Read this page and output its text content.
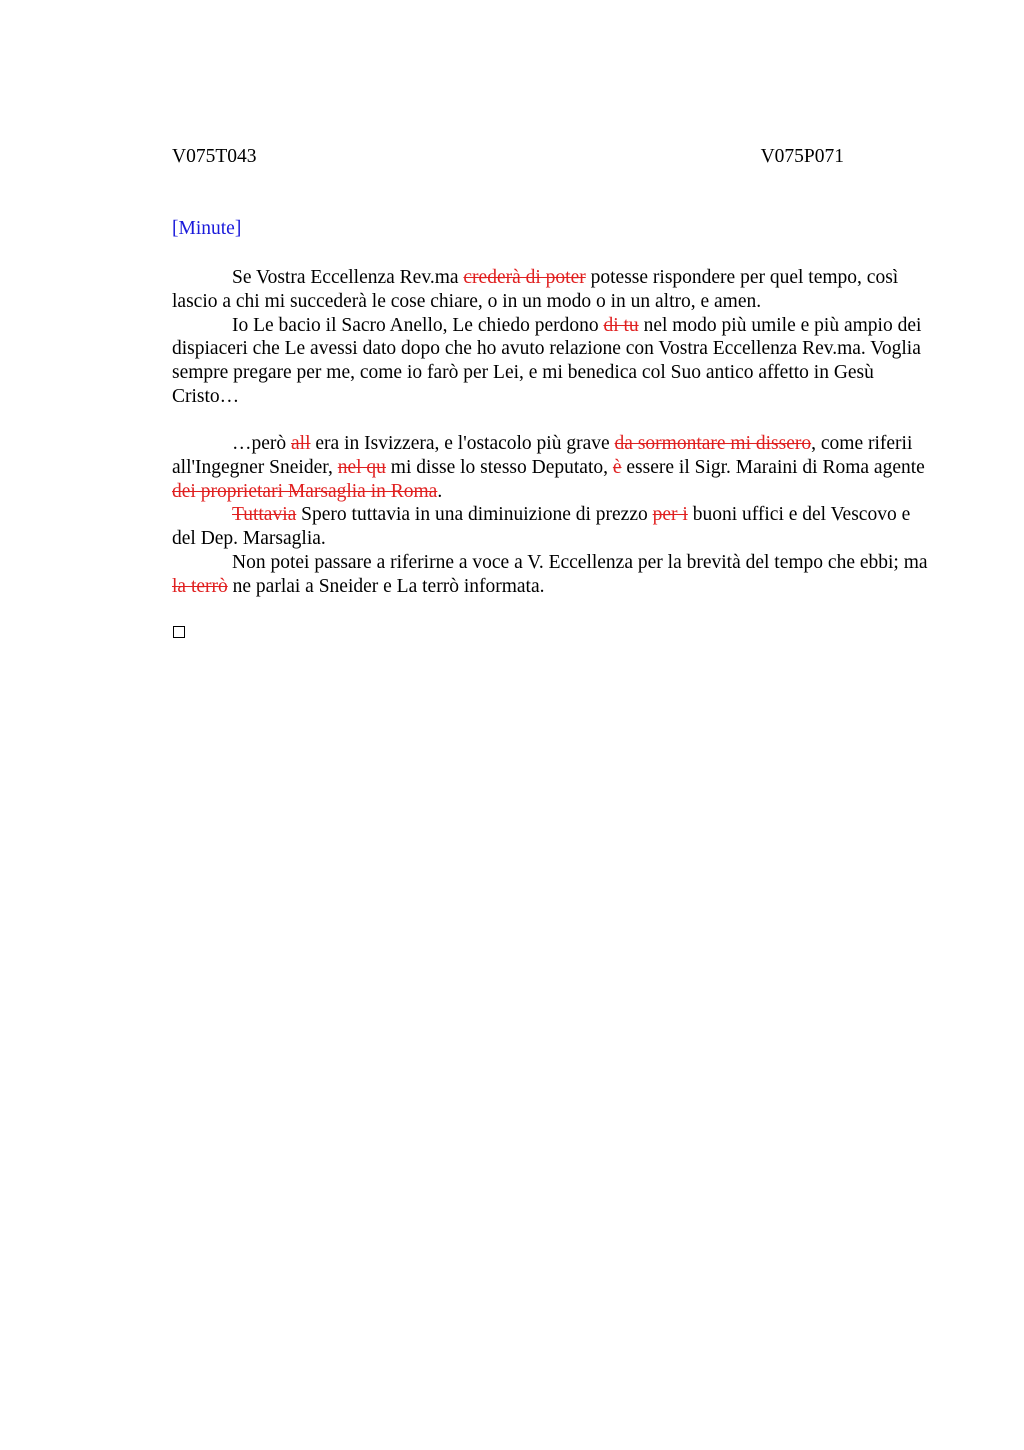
V075T043	V075P071
[Minute]

Se Vostra Eccellenza Rev.ma crederà di poter potesse rispondere per quel tempo, così lascio a chi mi succederà le cose chiare, o in un modo o in un altro, e amen.

Io Le bacio il Sacro Anello, Le chiedo perdono di tu nel modo più umile e più ampio dei dispiaceri che Le avessi dato dopo che ho avuto relazione con Vostra Eccellenza Rev.ma. Voglia sempre pregare per me, come io farò per Lei, e mi benedica col Suo antico affetto in Gesù Cristo…

…però all era in Isvizzera, e l'ostacolo più grave da sormontare mi dissero, come riferii all'Ingegner Sneider, nel qu mi disse lo stesso Deputato, è essere il Sigr. Maraini di Roma agente dei proprietari Marsaglia in Roma.

Tuttavia Spero tuttavia in una diminuizione di prezzo per i buoni uffici e del Vescovo e del Dep. Marsaglia.

Non potei passare a riferirne a voce a V. Eccellenza per la brevità del tempo che ebbi; ma la terrò ne parlai a Sneider e La terrò informata.
